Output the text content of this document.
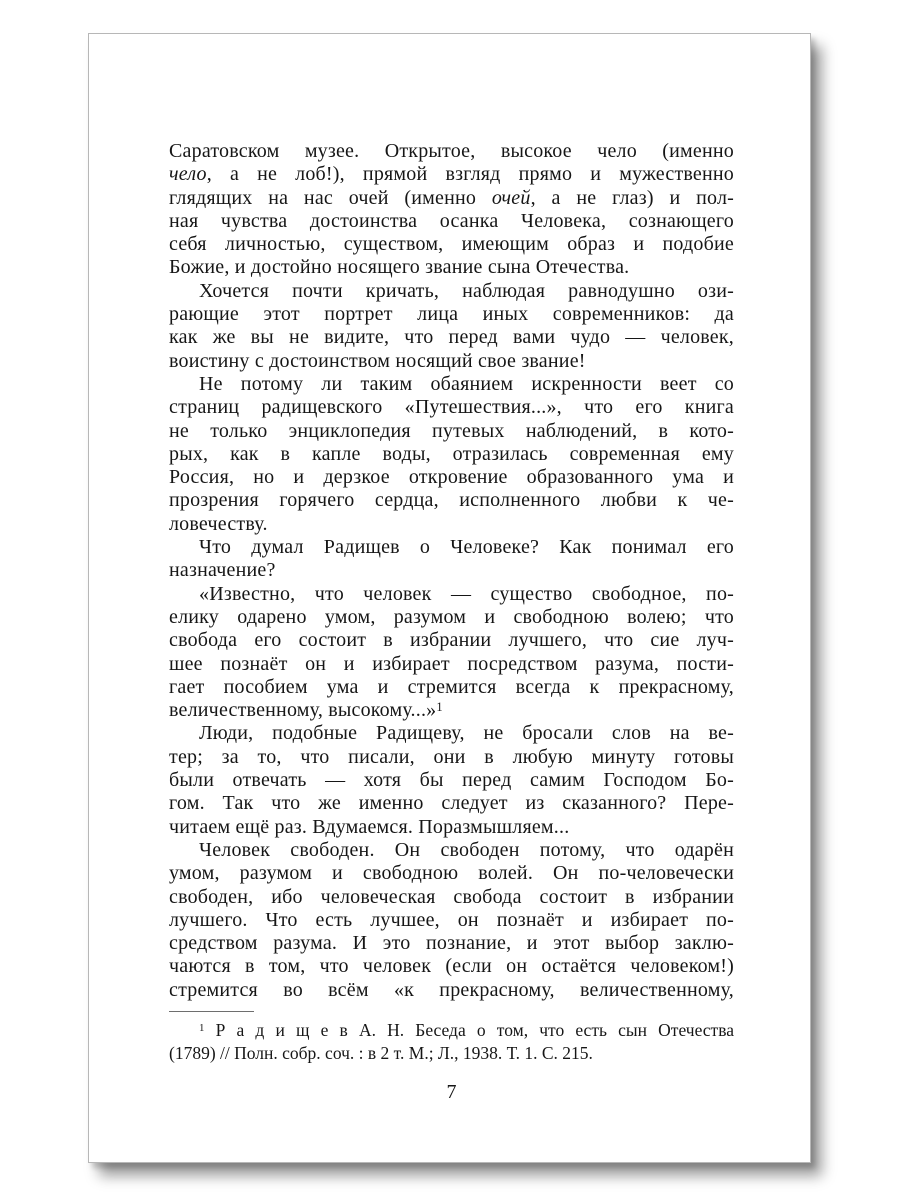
Саратовском музее. Открытое, высокое чело (именно
чело, а не лоб!), прямой взгляд прямо и мужественно
глядящих на нас очей (именно очей, а не глаз) и пол-
ная чувства достоинства осанка Человека, сознающего
себя личностью, существом, имеющим образ и подобие
Божие, и достойно носящего звание сына Отечества.
Хочется почти кричать, наблюдая равнодушно ози-
рающие этот портрет лица иных современников: да
как же вы не видите, что перед вами чудо — человек,
воистину с достоинством носящий свое звание!
Не потому ли таким обаянием искренности веет со
страниц радищевского «Путешествия...», что его книга
не только энциклопедия путевых наблюдений, в кото-
рых, как в капле воды, отразилась современная ему
Россия, но и дерзкое откровение образованного ума и
прозрения горячего сердца, исполненного любви к че-
ловечеству.
Что думал Радищев о Человеке? Как понимал его
назначение?
«Известно, что человек — существо свободное, по-
елику одарено умом, разумом и свободною волею; что
свобода его состоит в избрании лучшего, что сие луч-
шее познаёт он и избирает посредством разума, пости-
гает пособием ума и стремится всегда к прекрасному,
величественному, высокому...»$^1$
Люди, подобные Радищеву, не бросали слов на ве-
тер; за то, что писали, они в любую минуту готовы
были отвечать — хотя бы перед самим Господом Бо-
гом. Так что же именно следует из сказанного? Пере-
читаем ещё раз. Вдумаемся. Поразмышляем...
Человек свободен. Он свободен потому, что одарён
умом, разумом и свободною волей. Он по-человечески
свободен, ибо человеческая свобода состоит в избрании
лучшего. Что есть лучшее, он познаёт и избирает по-
средством разума. И это познание, и этот выбор заклю-
чаются в том, что человек (если он остаётся человеком!)
стремится во всём «к прекрасному, величественному,
$^1$ Р а д и щ е в А. Н. Беседа о том, что есть сын Отечества
(1789) // Полн. собр. соч. : в 2 т. М.; Л., 1938. Т. 1. С. 215.
7
